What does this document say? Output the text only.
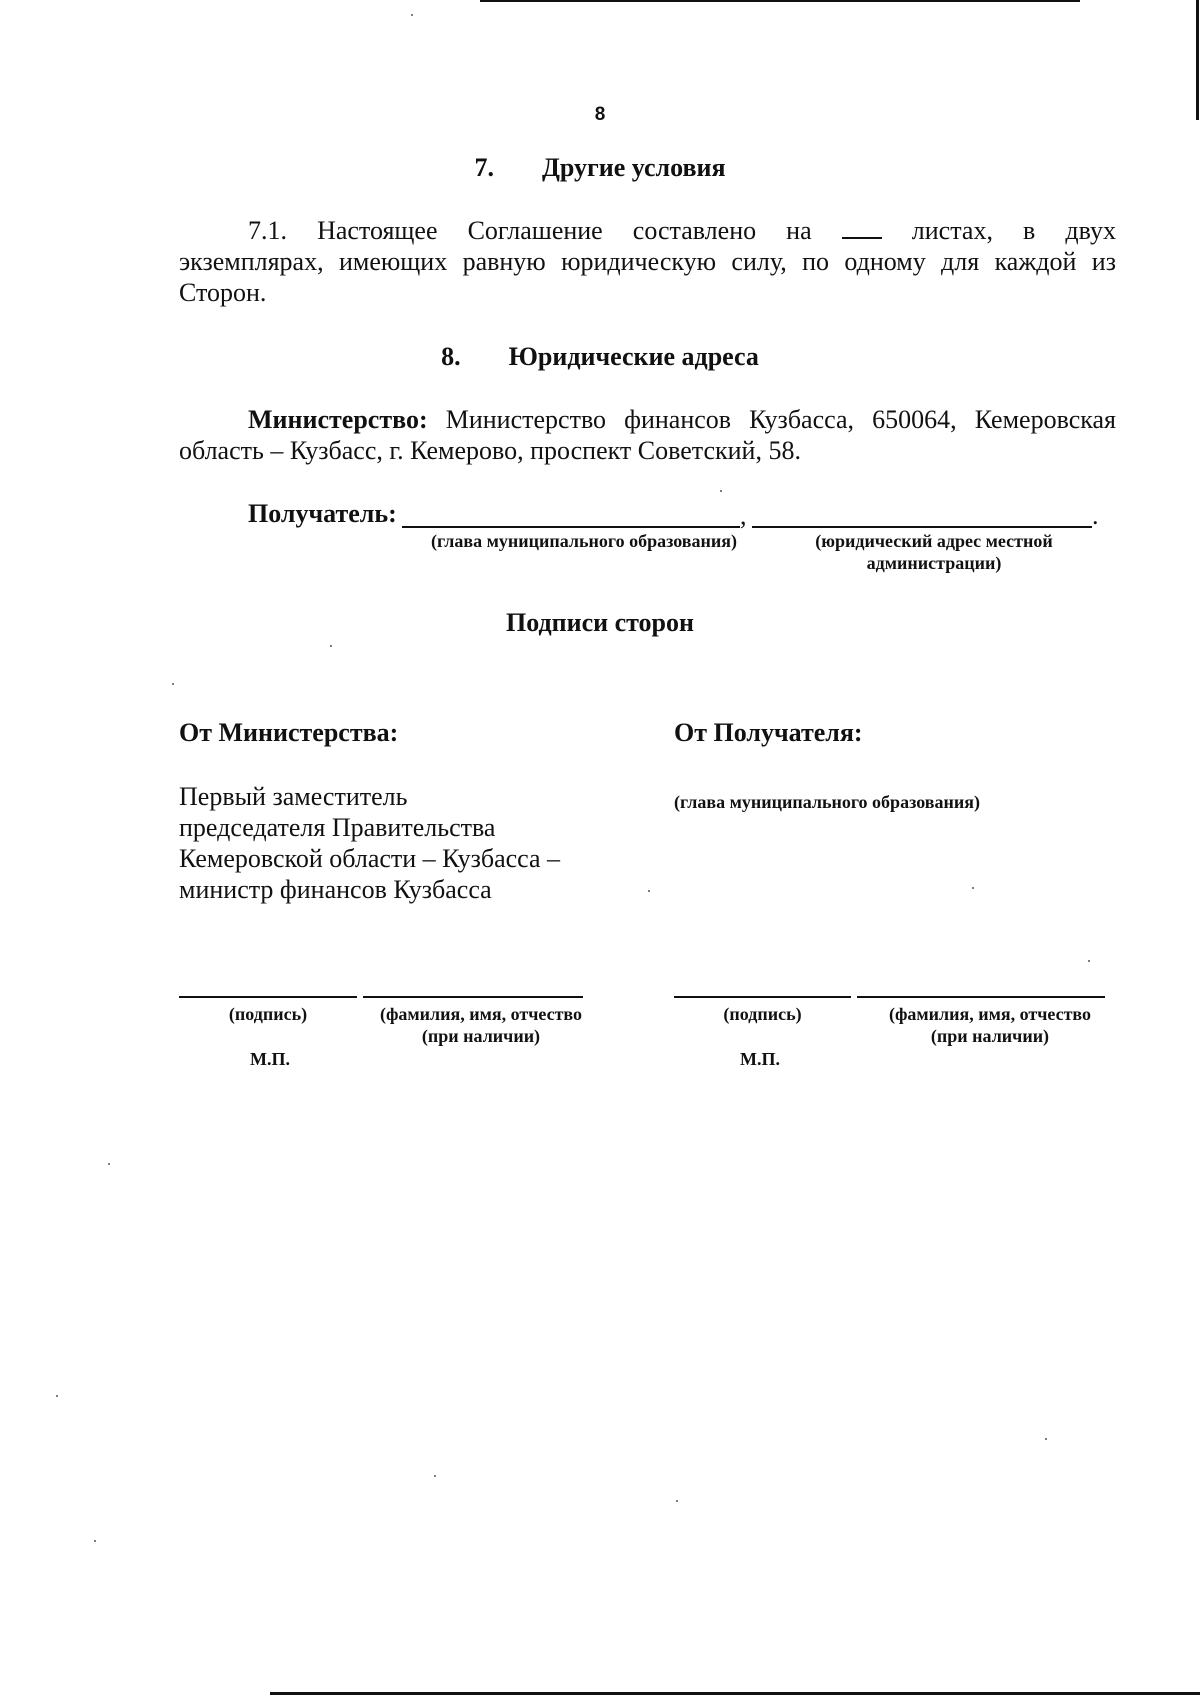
8
7. Другие условия
7.1. Настоящее Соглашение составлено на	листах, в двух
экземплярах, имеющих равную юридическую силу, по одному для каждой из
Сторон.
8. Юридические адреса
Министерство: Министерство финансов Кузбасса, 650064, Кемеровская
область – Кузбасс, г. Кемерово, проспект Советский, 58.
Получатель:	,	.
(глава муниципального образования)	(юридический адрес местной
администрации)
Подписи сторон
От Министерства:	От Получателя:
Первый заместитель
председателя Правительства
Кемеровской области – Кузбасса –
министр финансов Кузбасса
(глава муниципального образования)
(подпись)	(фамилия, имя, отчество
(при наличии)
М.П.
(подпись)	(фамилия, имя, отчество
(при наличии)
М.П.
